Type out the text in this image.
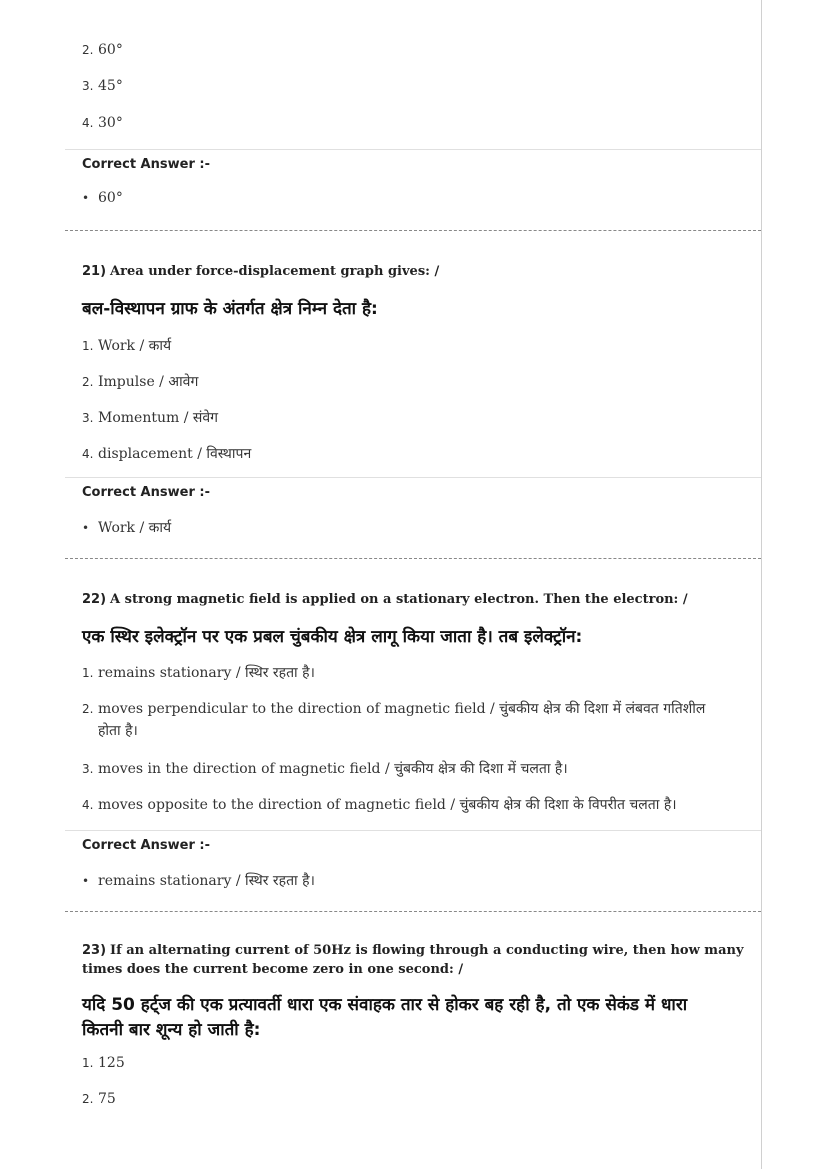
2. 60°
3. 45°
4. 30°
Correct Answer :-
• 60°
21) Area under force-displacement graph gives: /
बल-विस्थापन ग्राफ के अंतर्गत क्षेत्र निम्न देता है:
1. Work / कार्य
2. Impulse / आवेग
3. Momentum / संवेग
4. displacement / विस्थापन
Correct Answer :-
• Work / कार्य
22) A strong magnetic field is applied on a stationary electron. Then the electron: /
एक स्थिर इलेक्ट्रॉन पर एक प्रबल चुंबकीय क्षेत्र लागू किया जाता है। तब इलेक्ट्रॉन:
1. remains stationary / स्थिर रहता है।
2. moves perpendicular to the direction of magnetic field / चुंबकीय क्षेत्र की दिशा में लंबवत गतिशील
होता है।
3. moves in the direction of magnetic field / चुंबकीय क्षेत्र की दिशा में चलता है।
4. moves opposite to the direction of magnetic field / चुंबकीय क्षेत्र की दिशा के विपरीत चलता है।
Correct Answer :-
• remains stationary / स्थिर रहता है।
23) If an alternating current of 50Hz is flowing through a conducting wire, then how many
times does the current become zero in one second: /
यदि 50 हर्ट्ज की एक प्रत्यावर्ती धारा एक संवाहक तार से होकर बह रही है, तो एक सेकंड में धारा
कितनी बार शून्य हो जाती है:
1. 125
2. 75
